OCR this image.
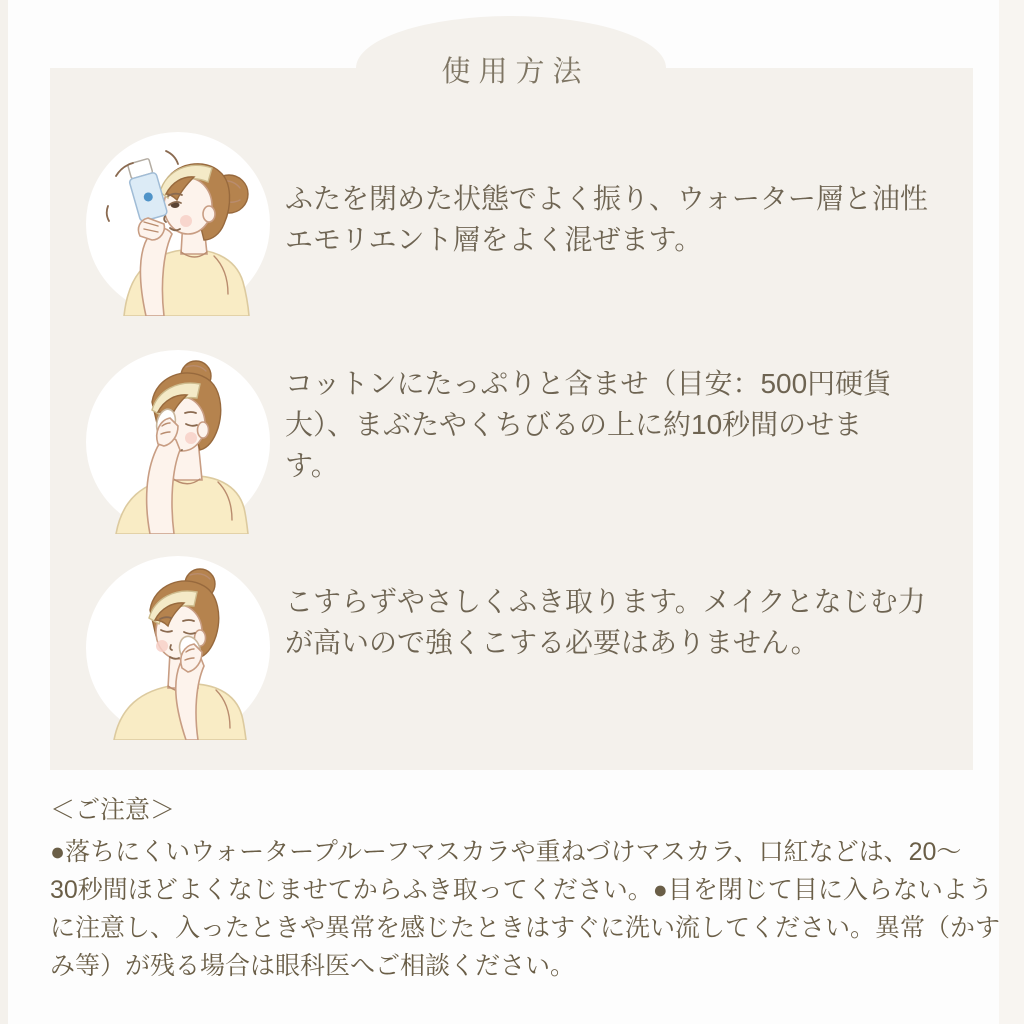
使用方法
ふたを閉めた状態でよく振り、ウォーター層と油性
エモリエント層をよく混ぜます。
コットンにたっぷりと含ませ（目安：500円硬貨
大）、まぶたやくちびるの上に約10秒間のせま
す。
こすらずやさしくふき取ります。メイクとなじむ力
が高いので強くこする必要はありません。
＜ご注意＞
●落ちにくいウォータープルーフマスカラや重ねづけマスカラ、口紅などは、20〜
30秒間ほどよくなじませてからふき取ってください。●目を閉じて目に入らないよう
に注意し、入ったときや異常を感じたときはすぐに洗い流してください。異常（かす
み等）が残る場合は眼科医へご相談ください。
